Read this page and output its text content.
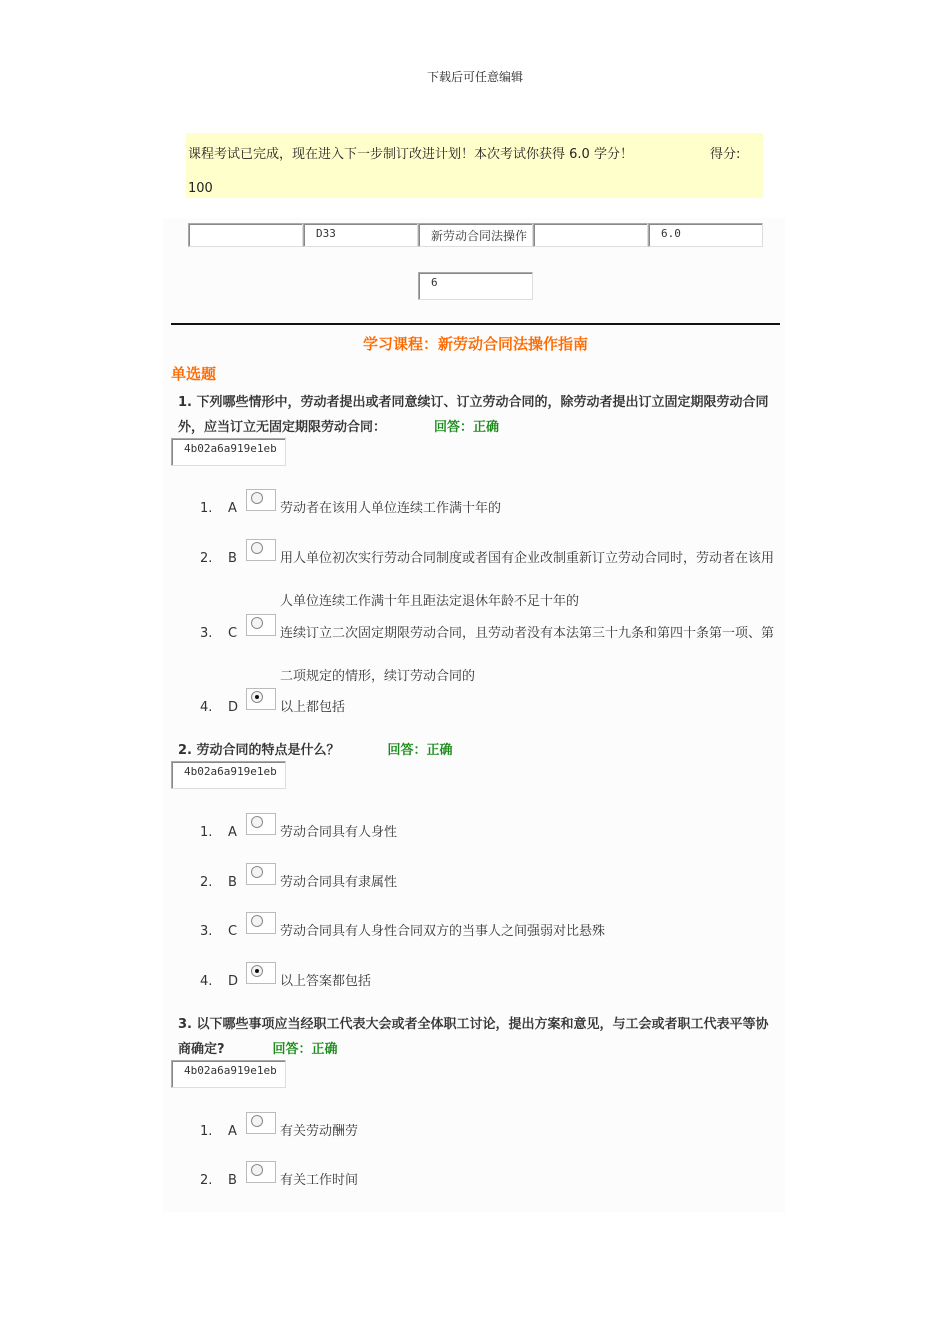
下载后可任意编辑
课程考试已完成，现在进入下一步制订改进计划！本次考试你获得 6.0 学分！	得分:
100
D33	新劳动合同法操作	6.0
6
学习课程：新劳动合同法操作指南
单选题
1. 下列哪些情形中，劳动者提出或者同意续订、订立劳动合同的，除劳动者提出订立固定期限劳动合同外，应当订立无固定期限劳动合同：	回答：正确
4b02a6a919e1eb
1.	A	劳动者在该用人单位连续工作满十年的
2.	B	用人单位初次实行劳动合同制度或者国有企业改制重新订立劳动合同时，劳动者在该用人单位连续工作满十年且距法定退休年龄不足十年的
3.	C	连续订立二次固定期限劳动合同，且劳动者没有本法第三十九条和第四十条第一项、第二项规定的情形，续订劳动合同的
4.	D	以上都包括
2. 劳动合同的特点是什么？	回答：正确
4b02a6a919e1eb
1.	A	劳动合同具有人身性
2.	B	劳动合同具有隶属性
3.	C	劳动合同具有人身性合同双方的当事人之间强弱对比悬殊
4.	D	以上答案都包括
3. 以下哪些事项应当经职工代表大会或者全体职工讨论，提出方案和意见，与工会或者职工代表平等协商确定?	回答：正确
4b02a6a919e1eb
1.	A	有关劳动酬劳
2.	B	有关工作时间
